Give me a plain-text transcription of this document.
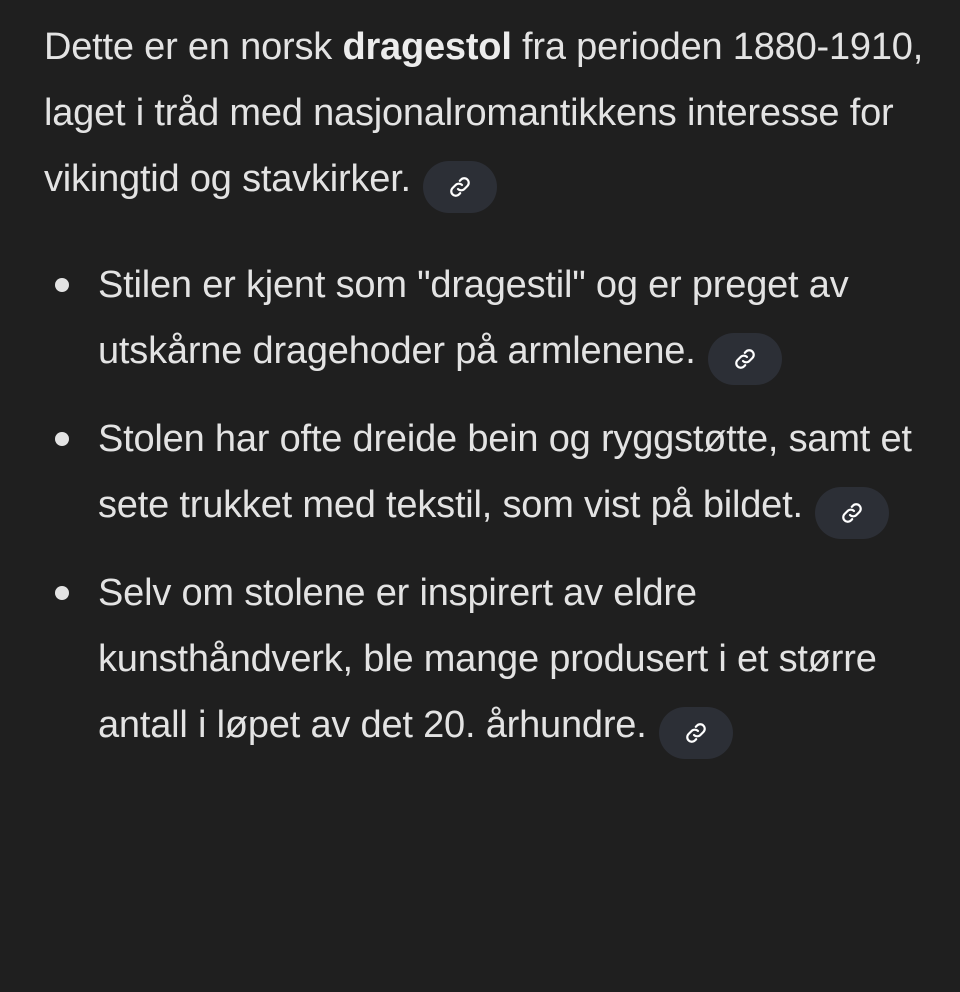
Dette er en norsk dragestol fra perioden 1880-1910, laget i tråd med nasjonalromantikkens interesse for vikingtid og stavkirker.

Stilen er kjent som "dragestil" og er preget av utskårne dragehoder på armlenene.
Stolen har ofte dreide bein og ryggstøtte, samt et sete trukket med tekstil, som vist på bildet.
Selv om stolene er inspirert av eldre kunsthåndverk, ble mange produsert i et større antall i løpet av det 20. århundre.
